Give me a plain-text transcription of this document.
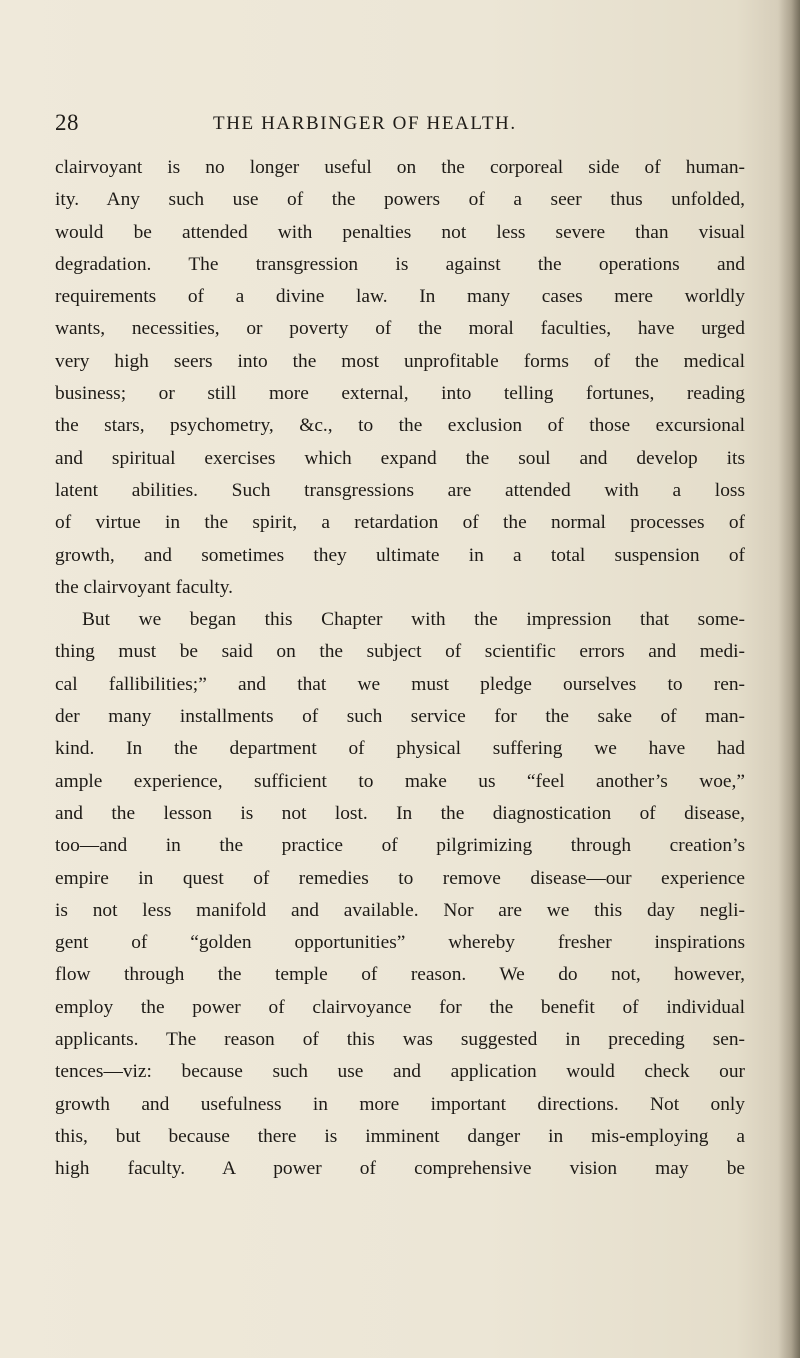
28	THE HARBINGER OF HEALTH.
clairvoyant is no longer useful on the corporeal side of human-
ity. Any such use of the powers of a seer thus unfolded,
would be attended with penalties not less severe than visual
degradation. The transgression is against the operations and
requirements of a divine law. In many cases mere worldly
wants, necessities, or poverty of the moral faculties, have urged
very high seers into the most unprofitable forms of the medical
business; or still more external, into telling fortunes, reading
the stars, psychometry, &c., to the exclusion of those excursional
and spiritual exercises which expand the soul and develop its
latent abilities. Such transgressions are attended with a loss
of virtue in the spirit, a retardation of the normal processes of
growth, and sometimes they ultimate in a total suspension of
the clairvoyant faculty.
But we began this Chapter with the impression that some-
thing must be said on the subject of scientific errors and medi-
cal fallibilities;” and that we must pledge ourselves to ren-
der many installments of such service for the sake of man-
kind. In the department of physical suffering we have had
ample experience, sufficient to make us “feel another’s woe,”
and the lesson is not lost. In the diagnostication of disease,
too—and in the practice of pilgrimizing through creation’s
empire in quest of remedies to remove disease—our experience
is not less manifold and available. Nor are we this day negli-
gent of “golden opportunities” whereby fresher inspirations
flow through the temple of reason. We do not, however,
employ the power of clairvoyance for the benefit of individual
applicants. The reason of this was suggested in preceding sen-
tences—viz: because such use and application would check our
growth and usefulness in more important directions. Not only
this, but because there is imminent danger in mis-employing a
high faculty. A power of comprehensive vision may be
